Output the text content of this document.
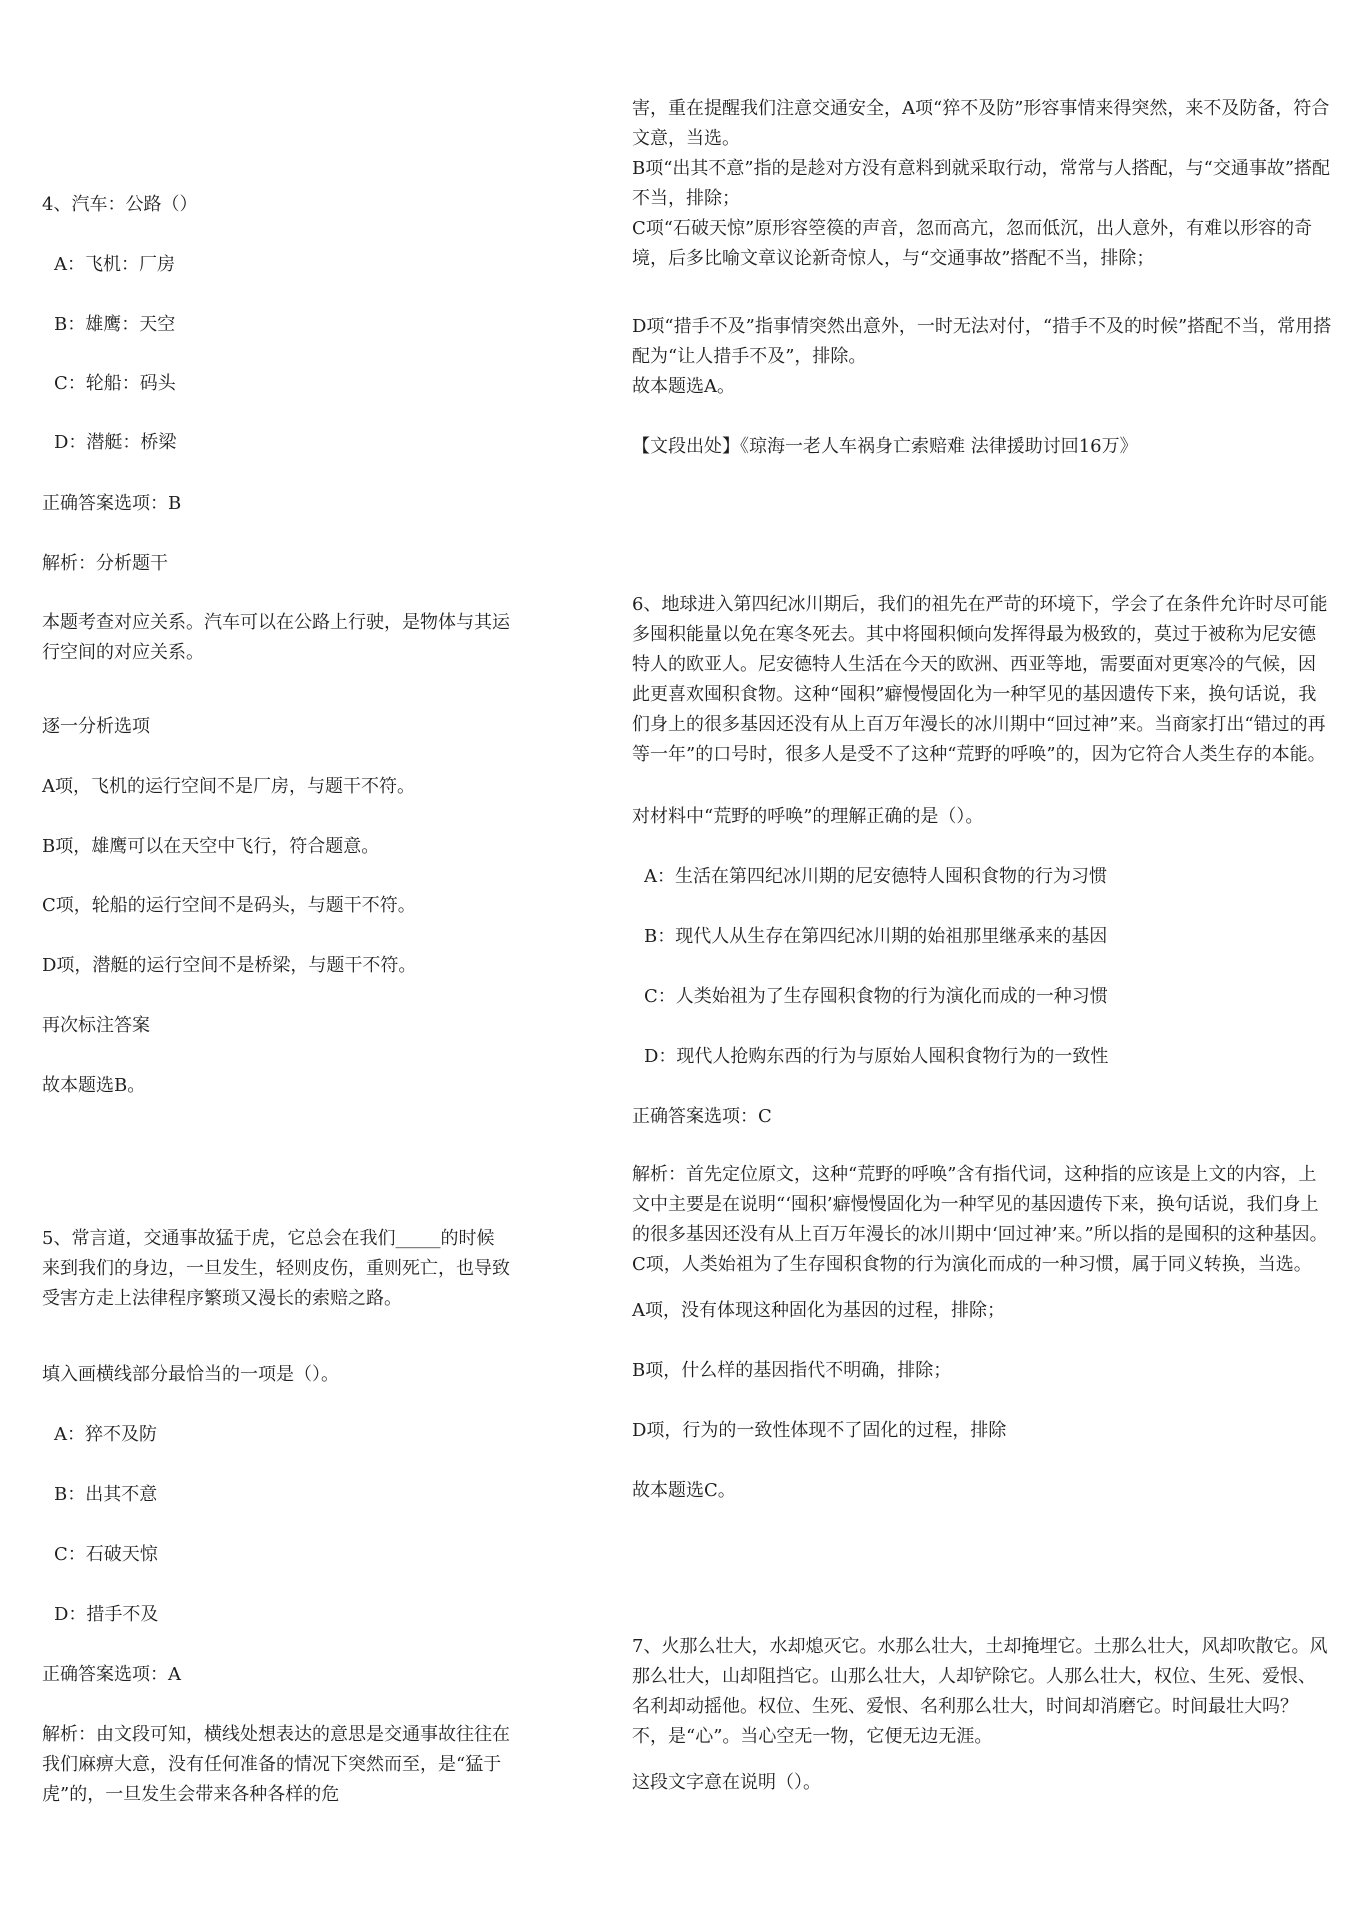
4、汽车：公路（）
A：飞机：厂房
B：雄鹰：天空
C：轮船：码头
D：潜艇：桥梁
正确答案选项：B
解析：分析题干
本题考查对应关系。汽车可以在公路上行驶，是物体与其运行空间的对应关系。
逐一分析选项
A项，飞机的运行空间不是厂房，与题干不符。
B项，雄鹰可以在天空中飞行，符合题意。
C项，轮船的运行空间不是码头，与题干不符。
D项，潜艇的运行空间不是桥梁，与题干不符。
再次标注答案
故本题选B。
5、常言道，交通事故猛于虎，它总会在我们_____的时候来到我们的身边，一旦发生，轻则皮伤，重则死亡，也导致受害方走上法律程序繁琐又漫长的索赔之路。
填入画横线部分最恰当的一项是（）。
A：猝不及防
B：出其不意
C：石破天惊
D：措手不及
正确答案选项：A
解析：由文段可知，横线处想表达的意思是交通事故往往在我们麻痹大意，没有任何准备的情况下突然而至，是“猛于虎”的，一旦发生会带来各种各样的危
害，重在提醒我们注意交通安全，A项“猝不及防”形容事情来得突然，来不及防备，符合文意，当选。
B项“出其不意”指的是趁对方没有意料到就采取行动，常常与人搭配，与“交通事故”搭配不当，排除；
C项“石破天惊”原形容箜篌的声音，忽而高亢，忽而低沉，出人意外，有难以形容的奇境，后多比喻文章议论新奇惊人，与“交通事故”搭配不当，排除；
D项“措手不及”指事情突然出意外，一时无法对付，“措手不及的时候”搭配不当，常用搭配为“让人措手不及”，排除。
故本题选A。
【文段出处】《琼海一老人车祸身亡索赔难 法律援助讨回16万》
6、地球进入第四纪冰川期后，我们的祖先在严苛的环境下，学会了在条件允许时尽可能多囤积能量以免在寒冬死去。其中将囤积倾向发挥得最为极致的，莫过于被称为尼安德特人的欧亚人。尼安德特人生活在今天的欧洲、西亚等地，需要面对更寒冷的气候，因此更喜欢囤积食物。这种“囤积”癖慢慢固化为一种罕见的基因遗传下来，换句话说，我们身上的很多基因还没有从上百万年漫长的冰川期中“回过神”来。当商家打出“错过的再等一年”的口号时，很多人是受不了这种“荒野的呼唤”的，因为它符合人类生存的本能。
对材料中“荒野的呼唤”的理解正确的是（）。
A：生活在第四纪冰川期的尼安德特人囤积食物的行为习惯
B：现代人从生存在第四纪冰川期的始祖那里继承来的基因
C：人类始祖为了生存囤积食物的行为演化而成的一种习惯
D：现代人抢购东西的行为与原始人囤积食物行为的一致性
正确答案选项：C
解析：首先定位原文，这种“荒野的呼唤”含有指代词，这种指的应该是上文的内容，上文中主要是在说明“‘囤积’癖慢慢固化为一种罕见的基因遗传下来，换句话说，我们身上的很多基因还没有从上百万年漫长的冰川期中‘回过神’来。”所以指的是囤积的这种基因。C项，人类始祖为了生存囤积食物的行为演化而成的一种习惯，属于同义转换，当选。
A项，没有体现这种固化为基因的过程，排除；
B项，什么样的基因指代不明确，排除；
D项，行为的一致性体现不了固化的过程，排除
故本题选C。
7、火那么壮大，水却熄灭它。水那么壮大，土却掩埋它。土那么壮大，风却吹散它。风那么壮大，山却阻挡它。山那么壮大，人却铲除它。人那么壮大，权位、生死、爱恨、名利却动摇他。权位、生死、爱恨、名利那么壮大，时间却消磨它。时间最壮大吗？不，是“心”。当心空无一物，它便无边无涯。
这段文字意在说明（）。
